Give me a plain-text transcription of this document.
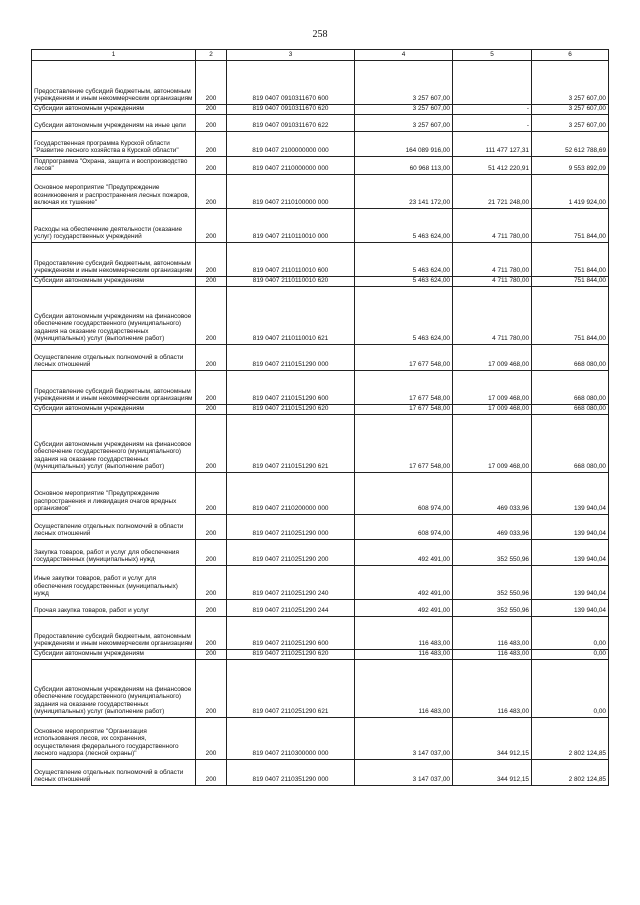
258
1	2	3	4	5	6
Предоставление субсидий бюджетным, автономным учреждениям и иным некоммерческим организациям	200	819 0407 0910311670 600	3 257 607,00		3 257 607,00
Субсидии автономным учреждениям	200	819 0407 0910311670 620	3 257 607,00	-	3 257 607,00
Субсидии автономным учреждениям на иные цели	200	819 0407 0910311670 622	3 257 607,00	-	3 257 607,00
Государственная программа Курской области "Развитие лесного хозяйства в Курской области"	200	819 0407 2100000000 000	164 089 916,00	111 477 127,31	52 612 788,69
Подпрограмма "Охрана, защита и воспроизводство лесов"	200	819 0407 2110000000 000	60 968 113,00	51 412 220,91	9 553 892,09
Основное мероприятие "Предупреждение возникновения и распространения лесных пожаров, включая их тушение"	200	819 0407 2110100000 000	23 141 172,00	21 721 248,00	1 419 924,00
Расходы на обеспечение деятельности (оказание услуг) государственных учреждений	200	819 0407 2110110010 000	5 463 624,00	4 711 780,00	751 844,00
Предоставление субсидий бюджетным, автономным учреждениям и иным некоммерческим организациям	200	819 0407 2110110010 600	5 463 624,00	4 711 780,00	751 844,00
Субсидии автономным учреждениям	200	819 0407 2110110010 620	5 463 624,00	4 711 780,00	751 844,00
Субсидии автономным учреждениям на финансовое обеспечение государственного (муниципального) задания на оказание государственных (муниципальных) услуг (выполнение работ)	200	819 0407 2110110010 621	5 463 624,00	4 711 780,00	751 844,00
Осуществление отдельных полномочий в области лесных отношений	200	819 0407 2110151290 000	17 677 548,00	17 009 468,00	668 080,00
Предоставление субсидий бюджетным, автономным учреждениям и иным некоммерческим организациям	200	819 0407 2110151290 600	17 677 548,00	17 009 468,00	668 080,00
Субсидии автономным учреждениям	200	819 0407 2110151290 620	17 677 548,00	17 009 468,00	668 080,00
Субсидии автономным учреждениям на финансовое обеспечение государственного (муниципального) задания на оказание государственных (муниципальных) услуг (выполнение работ)	200	819 0407 2110151290 621	17 677 548,00	17 009 468,00	668 080,00
Основное мероприятие "Предупреждение распространения и ликвидация очагов вредных организмов"	200	819 0407 2110200000 000	608 974,00	469 033,96	139 940,04
Осуществление отдельных полномочий в области лесных отношений	200	819 0407 2110251290 000	608 974,00	469 033,96	139 940,04
Закупка товаров, работ и услуг для обеспечения государственных (муниципальных) нужд	200	819 0407 2110251290 200	492 491,00	352 550,96	139 940,04
Иные закупки товаров, работ и услуг для обеспечения государственных (муниципальных) нужд	200	819 0407 2110251290 240	492 491,00	352 550,96	139 940,04
Прочая закупка товаров, работ и услуг	200	819 0407 2110251290 244	492 491,00	352 550,96	139 940,04
Предоставление субсидий бюджетным, автономным учреждениям и иным некоммерческим организациям	200	819 0407 2110251290 600	116 483,00	116 483,00	0,00
Субсидии автономным учреждениям	200	819 0407 2110251290 620	116 483,00	116 483,00	0,00
Субсидии автономным учреждениям на финансовое обеспечение государственного (муниципального) задания на оказание государственных (муниципальных) услуг (выполнение работ)	200	819 0407 2110251290 621	116 483,00	116 483,00	0,00
Основное мероприятие "Организация использования лесов, их сохранения, осуществления федерального государственного лесного надзора (лесной охраны)"	200	819 0407 2110300000 000	3 147 037,00	344 912,15	2 802 124,85
Осуществление отдельных полномочий в области лесных отношений	200	819 0407 2110351290 000	3 147 037,00	344 912,15	2 802 124,85
